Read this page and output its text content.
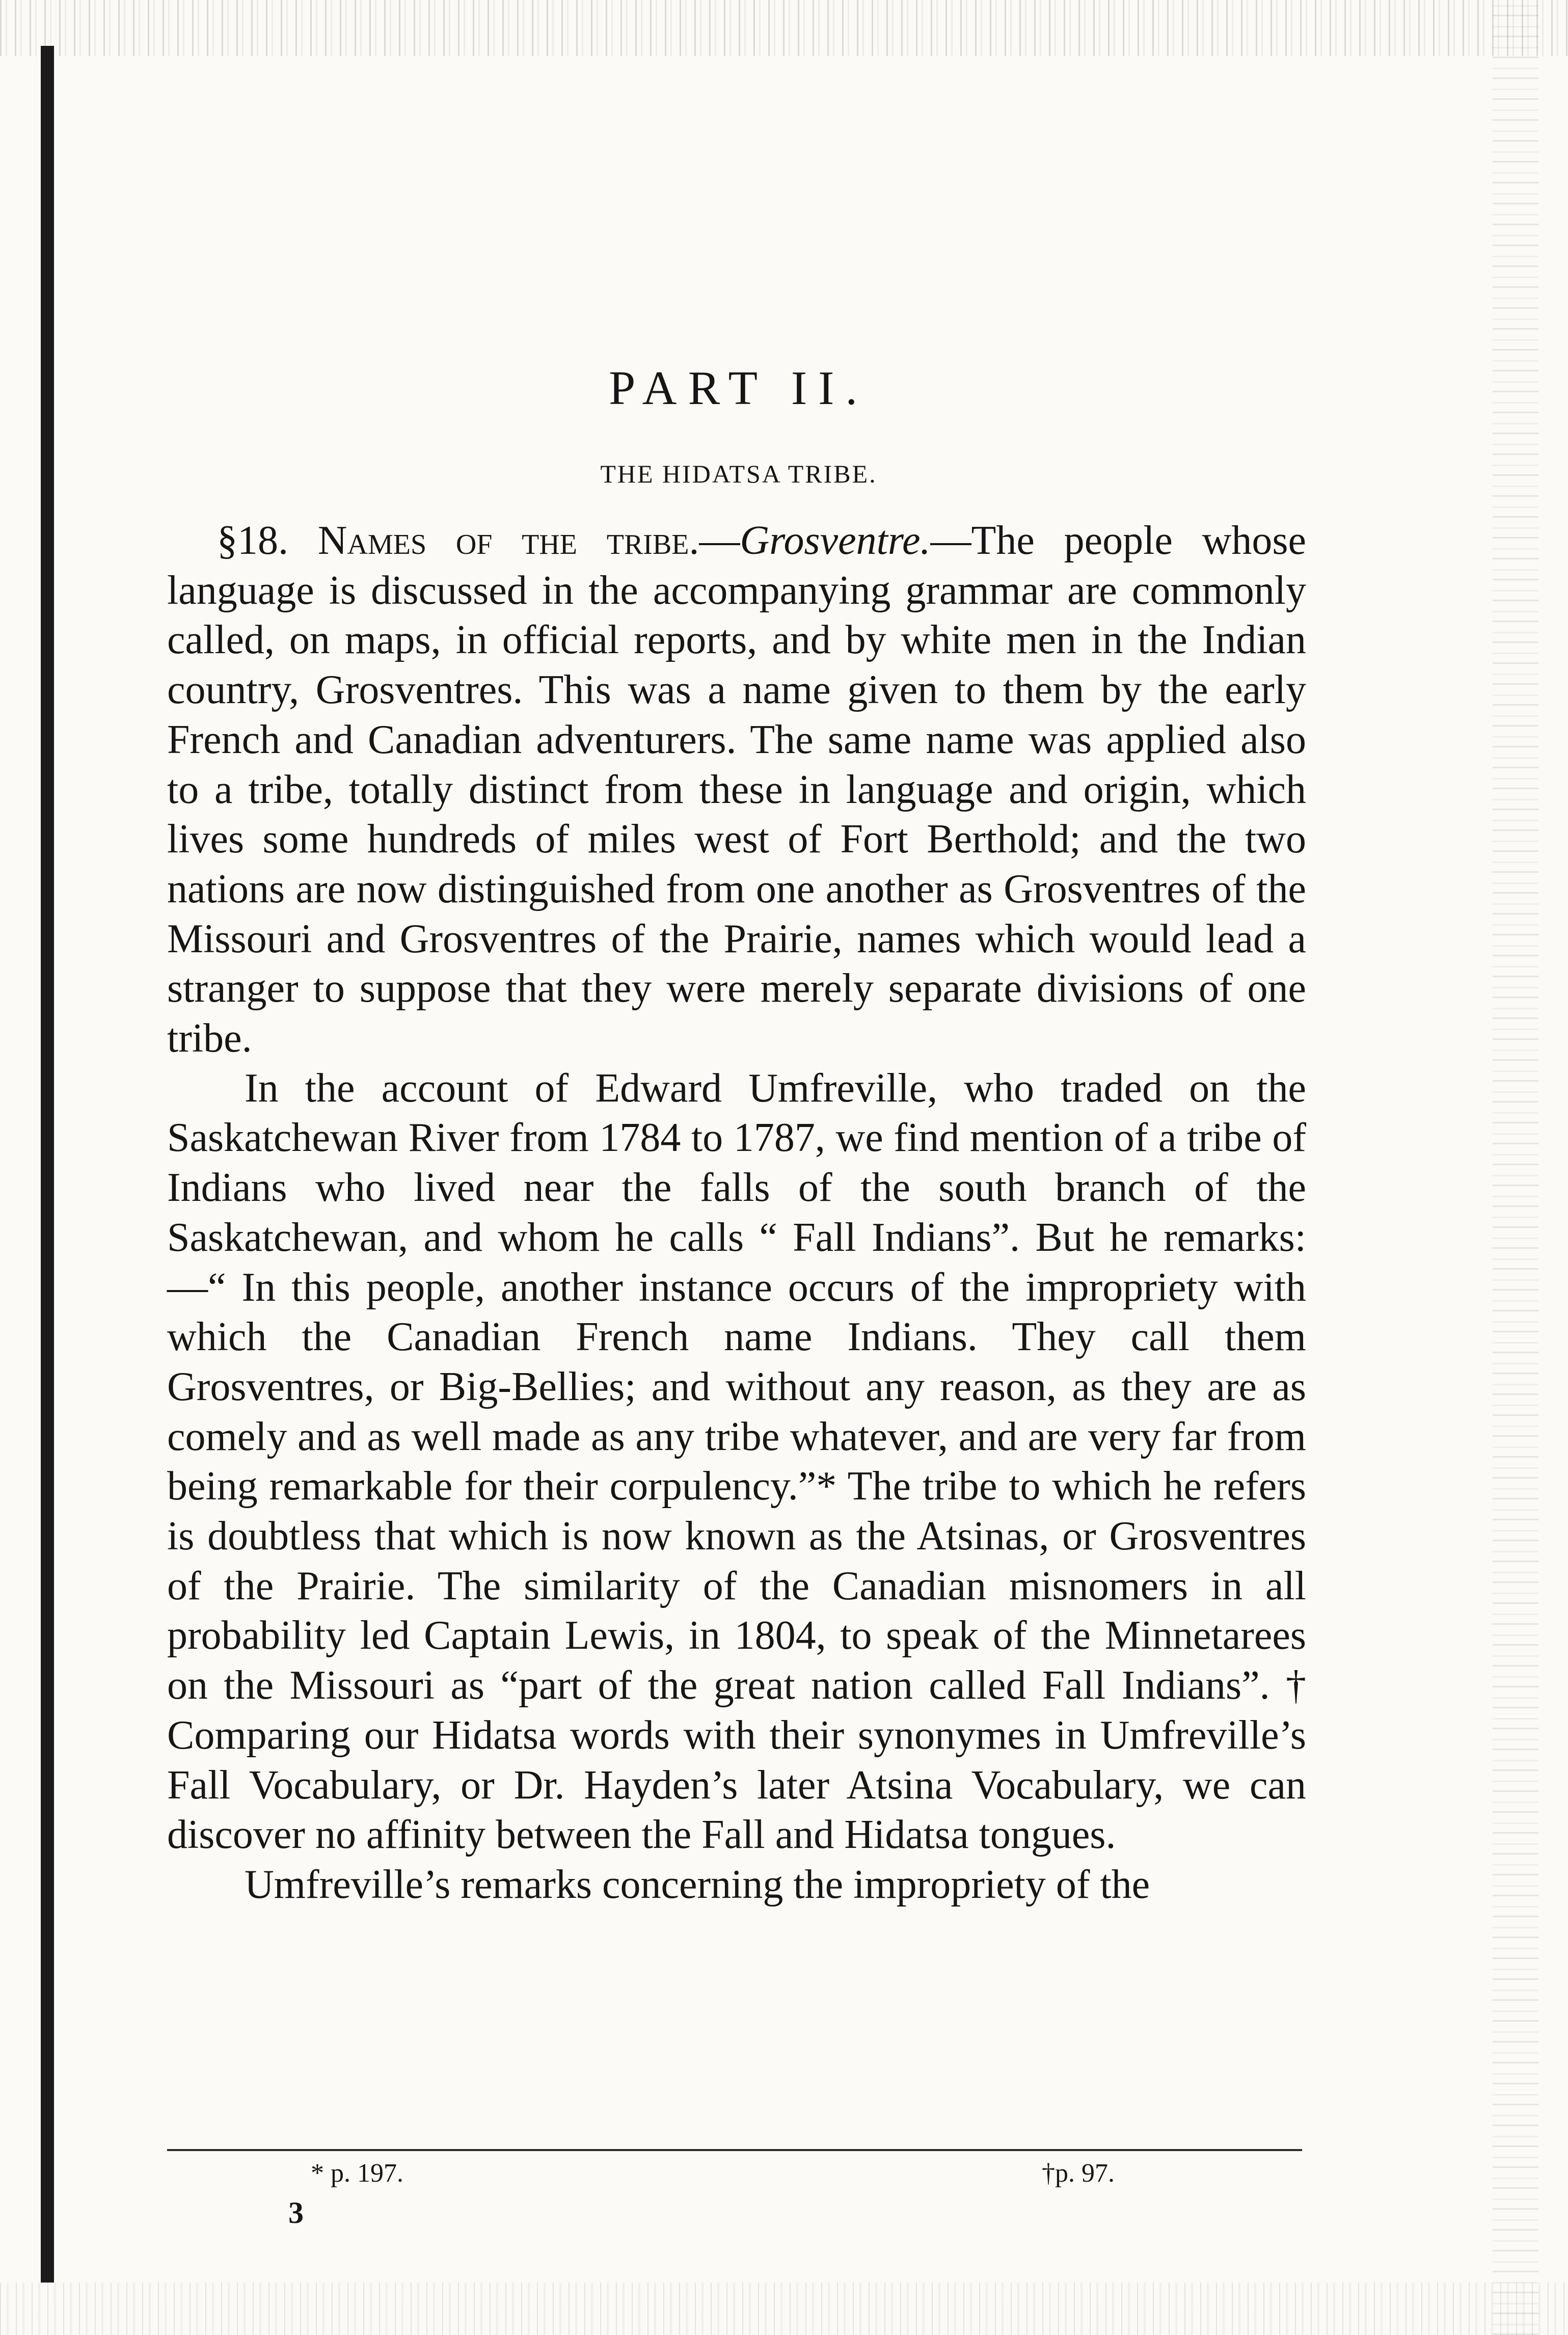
PART II.
THE HIDATSA TRIBE.

§18. Names of the tribe.—Grosventre.—The people whose language is discussed in the accompanying grammar are commonly called, on maps, in official reports, and by white men in the Indian country, Grosventres. This was a name given to them by the early French and Canadian adventurers. The same name was applied also to a tribe, totally distinct from these in language and origin, which lives some hundreds of miles west of Fort Berthold; and the two nations are now distinguished from one another as Grosventres of the Missouri and Grosventres of the Prairie, names which would lead a stranger to suppose that they were merely separate divisions of one tribe.

In the account of Edward Umfreville, who traded on the Saskatchewan River from 1784 to 1787, we find mention of a tribe of Indians who lived near the falls of the south branch of the Saskatchewan, and whom he calls “ Fall Indians”. But he remarks:—“ In this people, another instance occurs of the impropriety with which the Canadian French name Indians. They call them Grosventres, or Big-Bellies; and without any reason, as they are as comely and as well made as any tribe whatever, and are very far from being remarkable for their corpulency.”* The tribe to which he refers is doubtless that which is now known as the Atsinas, or Grosventres of the Prairie. The similarity of the Canadian misnomers in all probability led Captain Lewis, in 1804, to speak of the Minnetarees on the Missouri as “part of the great nation called Fall Indians”. † Comparing our Hidatsa words with their synonymes in Umfreville’s Fall Vocabulary, or Dr. Hayden’s later Atsina Vocabulary, we can discover no affinity between the Fall and Hidatsa tongues.

Umfreville’s remarks concerning the impropriety of the

* p. 197.	†p. 97.
3
